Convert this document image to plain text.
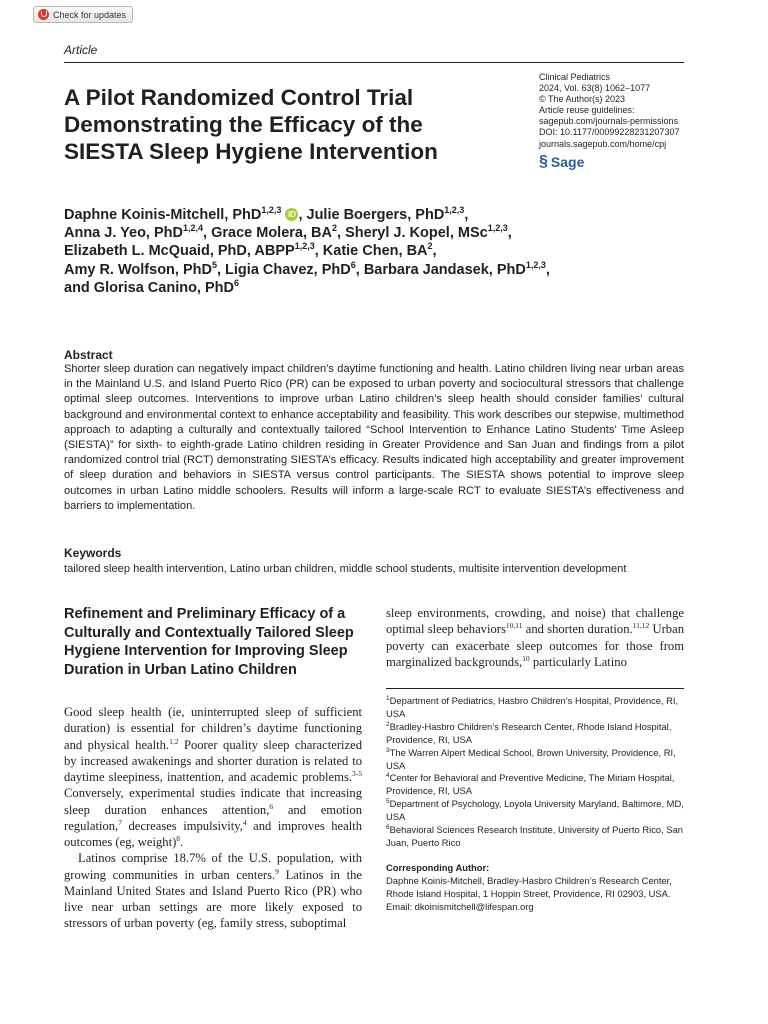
Check for updates
Article
A Pilot Randomized Control Trial Demonstrating the Efficacy of the SIESTA Sleep Hygiene Intervention
Clinical Pediatrics
2024, Vol. 63(8) 1062–1077
© The Author(s) 2023
Article reuse guidelines:
sagepub.com/journals-permissions
DOI: 10.1177/00099228231207307
journals.sagepub.com/home/cpj
§ Sage
Daphne Koinis-Mitchell, PhD$^{1,2,3}$ iD , Julie Boergers, PhD$^{1,2,3}$,
Anna J. Yeo, PhD$^{1,2,4}$, Grace Molera, $BA^2$, Sheryl J. Kopel, MSc$^{1,2,3}$,
Elizabeth L. McQuaid, PhD, ABPP$^{1,2,3}$, Katie Chen, $BA^2$,
Amy R. Wolfson, PhD$^5$, Ligia Chavez, PhD$^6$, Barbara Jandasek, PhD$^{1,2,3}$,
and Glorisa Canino, PhD$^6$
Abstract

Shorter sleep duration can negatively impact children’s daytime functioning and health. Latino children living near urban areas in the Mainland U.S. and Island Puerto Rico (PR) can be exposed to urban poverty and sociocultural stressors that challenge optimal sleep outcomes. Interventions to improve urban Latino children’s sleep health should consider families’ cultural background and environmental context to enhance acceptability and feasibility. This work describes our stepwise, multimethod approach to adapting a culturally and contextually tailored “School Intervention to Enhance Latino Students’ Time Asleep (SIESTA)” for sixth- to eighth-grade Latino children residing in Greater Providence and San Juan and findings from a pilot randomized control trial (RCT) demonstrating SIESTA’s efficacy. Results indicated high acceptability and greater improvement of sleep duration and behaviors in SIESTA versus control participants. The SIESTA shows potential to improve sleep outcomes in urban Latino middle schoolers. Results will inform a large-scale RCT to evaluate SIESTA’s effectiveness and barriers to implementation.

Keywords
tailored sleep health intervention, Latino urban children, middle school students, multisite intervention development
Refinement and Preliminary Efficacy of a Culturally and Contextually Tailored Sleep Hygiene Intervention for Improving Sleep Duration in Urban Latino Children

Good sleep health (ie, uninterrupted sleep of sufficient duration) is essential for children’s daytime functioning and physical health.$^{1,2}$ Poorer quality sleep characterized by increased awakenings and shorter duration is related to daytime sleepiness, inattention, and academic problems.$^{3-5}$ Conversely, experimental studies indicate that increasing sleep duration enhances attention,$^6$ and emotion regulation,$^7$ decreases impulsivity,$^4$ and improves health outcomes (eg, weight)$^8$.

Latinos comprise 18.7% of the U.S. population, with growing communities in urban centers.$^9$ Latinos in the Mainland United States and Island Puerto Rico (PR) who live near urban settings are more likely exposed to stressors of urban poverty (eg, family stress, suboptimal

sleep environments, crowding, and noise) that challenge optimal sleep behaviors$^{10,11}$ and shorten duration.$^{11,12}$ Urban poverty can exacerbate sleep outcomes for those from marginalized backgrounds,$^{10}$ particularly Latino
$^1$Department of Pediatrics, Hasbro Children’s Hospital, Providence, RI, USA
$^2$Bradley-Hasbro Children’s Research Center, Rhode Island Hospital, Providence, RI, USA
$^3$The Warren Alpert Medical School, Brown University, Providence, RI, USA
$^4$Center for Behavioral and Preventive Medicine, The Miriam Hospital, Providence, RI, USA
$^5$Department of Psychology, Loyola University Maryland, Baltimore, MD, USA
$^6$Behavioral Sciences Research Institute, University of Puerto Rico, San Juan, Puerto Rico
Corresponding Author:
Daphne Koinis-Mitchell, Bradley-Hasbro Children’s Research Center, Rhode Island Hospital, 1 Hoppin Street, Providence, RI 02903, USA.
Email: dkoinismitchell@lifespan.org
